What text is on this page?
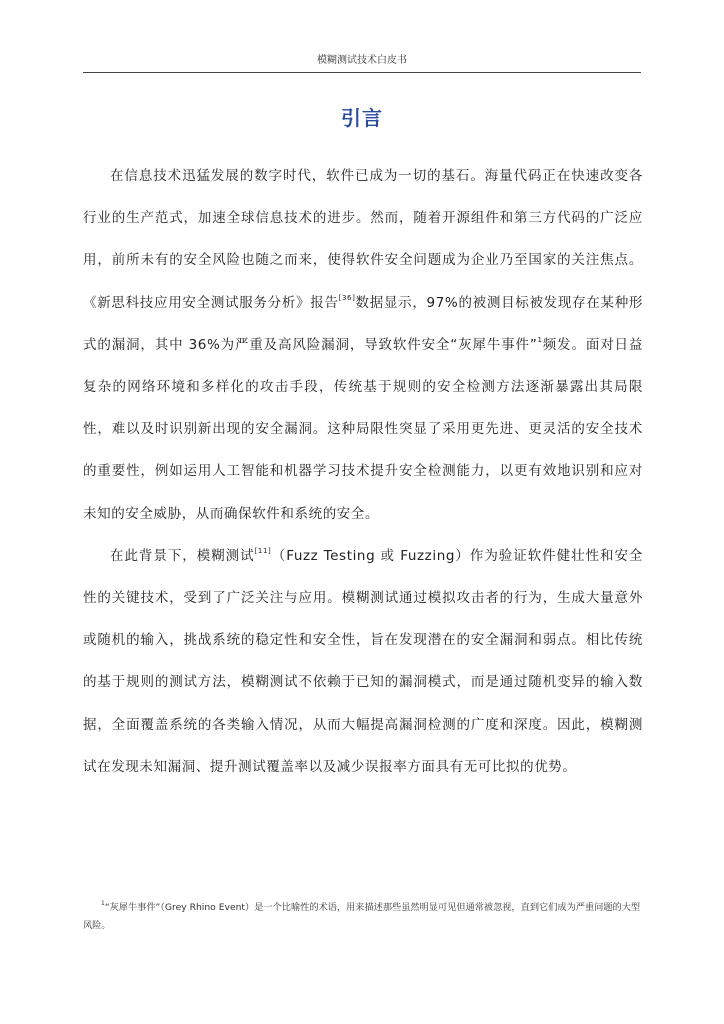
模糊测试技术白皮书
引言

在信息技术迅猛发展的数字时代，软件已成为一切的基石。海量代码正在快速改变各行业的生产范式，加速全球信息技术的进步。然而，随着开源组件和第三方代码的广泛应用，前所未有的安全风险也随之而来，使得软件安全问题成为企业乃至国家的关注焦点。《新思科技应用安全测试服务分析》报告[36]数据显示，97%的被测目标被发现存在某种形式的漏洞，其中 36%为严重及高风险漏洞，导致软件安全“灰犀牛事件”$^1$频发。面对日益复杂的网络环境和多样化的攻击手段，传统基于规则的安全检测方法逐渐暴露出其局限性，难以及时识别新出现的安全漏洞。这种局限性突显了采用更先进、更灵活的安全技术的重要性，例如运用人工智能和机器学习技术提升安全检测能力，以更有效地识别和应对未知的安全威胁，从而确保软件和系统的安全。

在此背景下，模糊测试[11]（Fuzz Testing 或 Fuzzing）作为验证软件健壮性和安全性的关键技术，受到了广泛关注与应用。模糊测试通过模拟攻击者的行为，生成大量意外或随机的输入，挑战系统的稳定性和安全性，旨在发现潜在的安全漏洞和弱点。相比传统的基于规则的测试方法，模糊测试不依赖于已知的漏洞模式，而是通过随机变异的输入数据，全面覆盖系统的各类输入情况，从而大幅提高漏洞检测的广度和深度。因此，模糊测试在发现未知漏洞、提升测试覆盖率以及减少误报率方面具有无可比拟的优势。

$^1$“灰犀牛事件”（Grey Rhino Event）是一个比喻性的术语，用来描述那些虽然明显可见但通常被忽视，直到它们成为严重问题的大型风险。
